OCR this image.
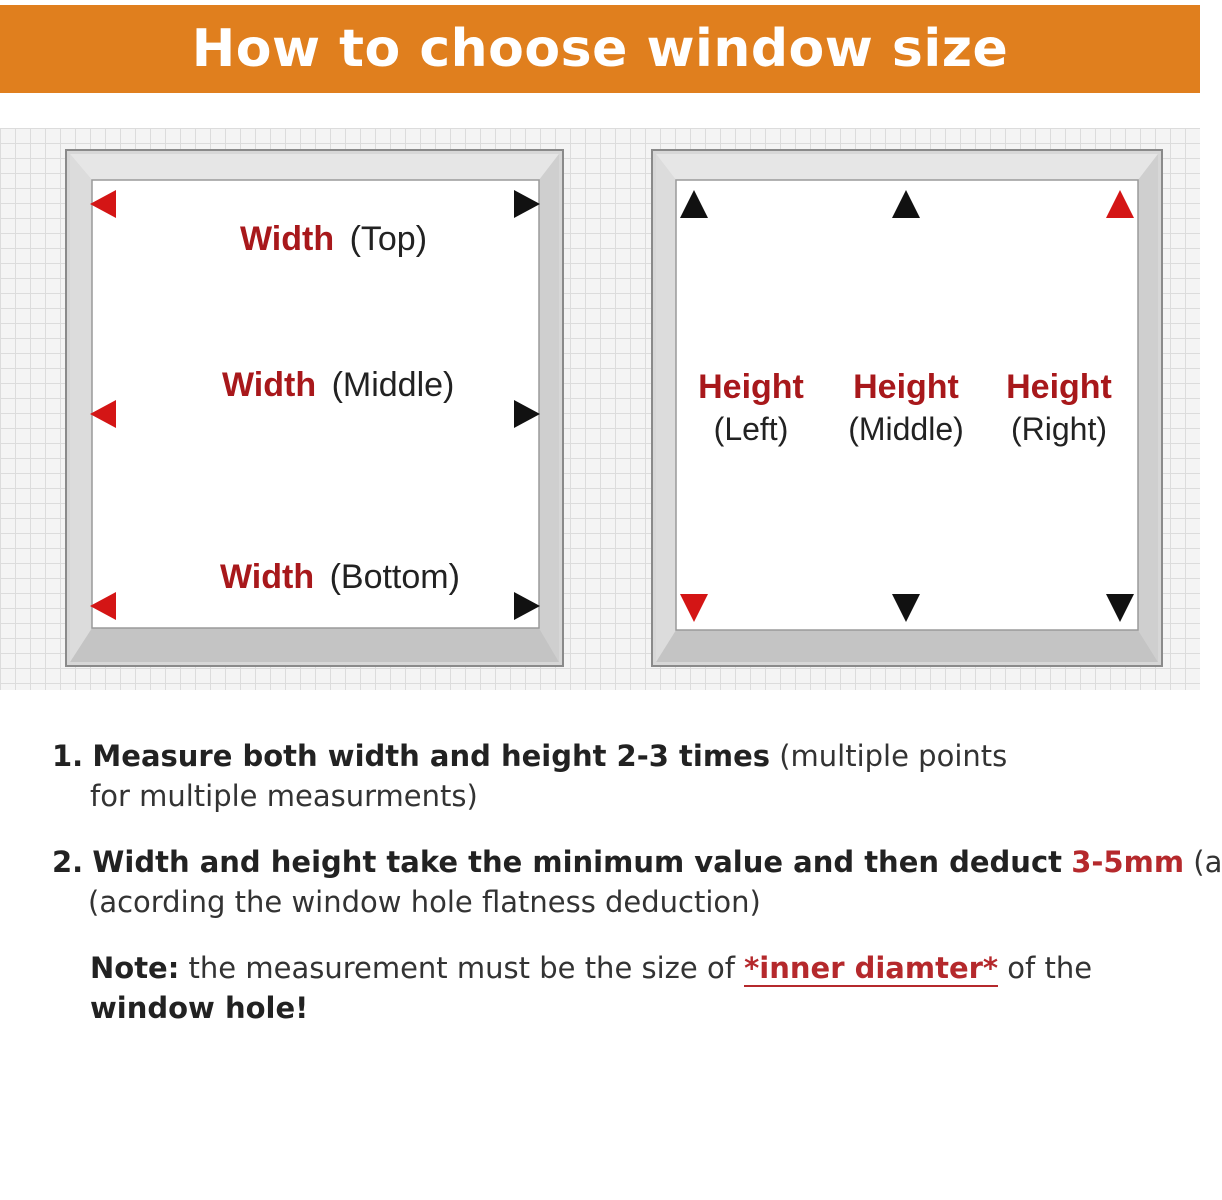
How to choose window size
Width (Top)
Width (Middle)
Width (Bottom)
Height
(Left)
Height
(Middle)
Height
(Right)
1. Measure both width and height 2-3 times (multiple points
for multiple measurments)
2. Width and height take the minimum value and then deduct 3-5mm (a
(acording the window hole flatness deduction)
Note: the measurement must be the size of *inner diamter* of the
window hole!
